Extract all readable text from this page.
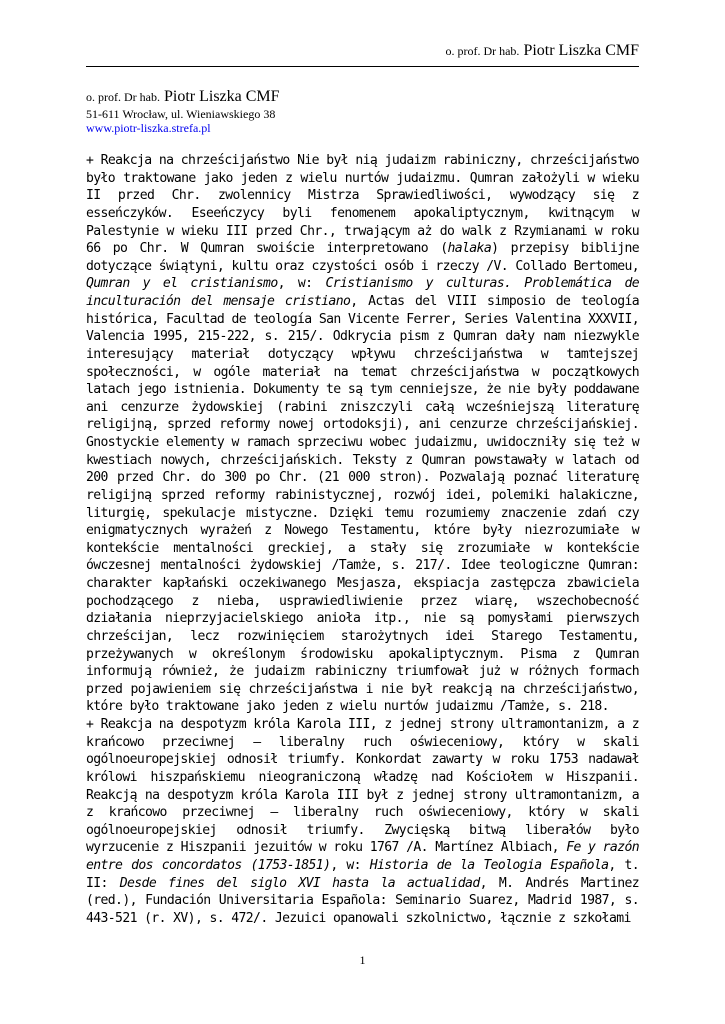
o. prof. Dr hab. Piotr Liszka CMF
o. prof. Dr hab. Piotr Liszka CMF
51-611 Wrocław, ul. Wieniawskiego 38
www.piotr-liszka.strefa.pl

+ Reakcja na chrześcijaństwo Nie był nią judaizm rabiniczny, chrześcijaństwo było traktowane jako jeden z wielu nurtów judaizmu. Qumran założyli w wieku II przed Chr. zwolennicy Mistrza Sprawiedliwości, wywodzący się z esseńczyków. Eseeńczycy byli fenomenem apokaliptycznym, kwitnącym w Palestynie w wieku III przed Chr., trwającym aż do walk z Rzymianami w roku 66 po Chr. W Qumran swoiście interpretowano (halaka) przepisy biblijne dotyczące świątyni, kultu oraz czystości osób i rzeczy /V. Collado Bertomeu, Qumran y el cristianismo, w: Cristianismo y culturas. Problemática de inculturación del mensaje cristiano, Actas del VIII simposio de teología histórica, Facultad de teología San Vicente Ferrer, Series Valentina XXXVII, Valencia 1995, 215-222, s. 215/. Odkrycia pism z Qumran dały nam niezwykle interesujący materiał dotyczący wpływu chrześcijaństwa w tamtejszej społeczności, w ogóle materiał na temat chrześcijaństwa w początkowych latach jego istnienia. Dokumenty te są tym cenniejsze, że nie były poddawane ani cenzurze żydowskiej (rabini zniszczyli całą wcześniejszą literaturę religijną, sprzed reformy nowej ortodoksji), ani cenzurze chrześcijańskiej. Gnostyckie elementy w ramach sprzeciwu wobec judaizmu, uwidoczniły się też w kwestiach nowych, chrześcijańskich. Teksty z Qumran powstawały w latach od 200 przed Chr. do 300 po Chr. (21 000 stron). Pozwalają poznać literaturę religijną sprzed reformy rabinistycznej, rozwój idei, polemiki halakiczne, liturgię, spekulacje mistyczne. Dzięki temu rozumiemy znaczenie zdań czy enigmatycznych wyrażeń z Nowego Testamentu, które były niezrozumiałe w kontekście mentalności greckiej, a stały się zrozumiałe w kontekście ówczesnej mentalności żydowskiej /Tamże, s. 217/. Idee teologiczne Qumran: charakter kapłański oczekiwanego Mesjasza, ekspiacja zastępcza zbawiciela pochodzącego z nieba, usprawiedliwienie przez wiarę, wszechobecność działania nieprzyjacielskiego anioła itp., nie są pomysłami pierwszych chrześcijan, lecz rozwinięciem starożytnych idei Starego Testamentu, przeżywanych w określonym środowisku apokaliptycznym. Pisma z Qumran informują również, że judaizm rabiniczny triumfował już w różnych formach przed pojawieniem się chrześcijaństwa i nie był reakcją na chrześcijaństwo, które było traktowane jako jeden z wielu nurtów judaizmu /Tamże, s. 218.

+ Reakcja na despotyzm króla Karola III, z jednej strony ultramontanizm, a z krańcowo przeciwnej – liberalny ruch oświeceniowy, który w skali ogólnoeuropejskiej odnosił triumfy. Konkordat zawarty w roku 1753 nadawał królowi hiszpańskiemu nieograniczoną władzę nad Kościołem w Hiszpanii. Reakcją na despotyzm króla Karola III był z jednej strony ultramontanizm, a z krańcowo przeciwnej – liberalny ruch oświeceniowy, który w skali ogólnoeuropejskiej odnosił triumfy. Zwycięską bitwą liberałów było wyrzucenie z Hiszpanii jezuitów w roku 1767 /A. Martínez Albiach, Fe y razón entre dos concordatos (1753-1851), w: Historia de la Teologia Española, t. II: Desde fines del siglo XVI hasta la actualidad, M. Andrés Martinez (red.), Fundación Universitaria Española: Seminario Suarez, Madrid 1987, s. 443-521 (r. XV), s. 472/. Jezuici opanowali szkolnictwo, łącznie z szkołami

1
